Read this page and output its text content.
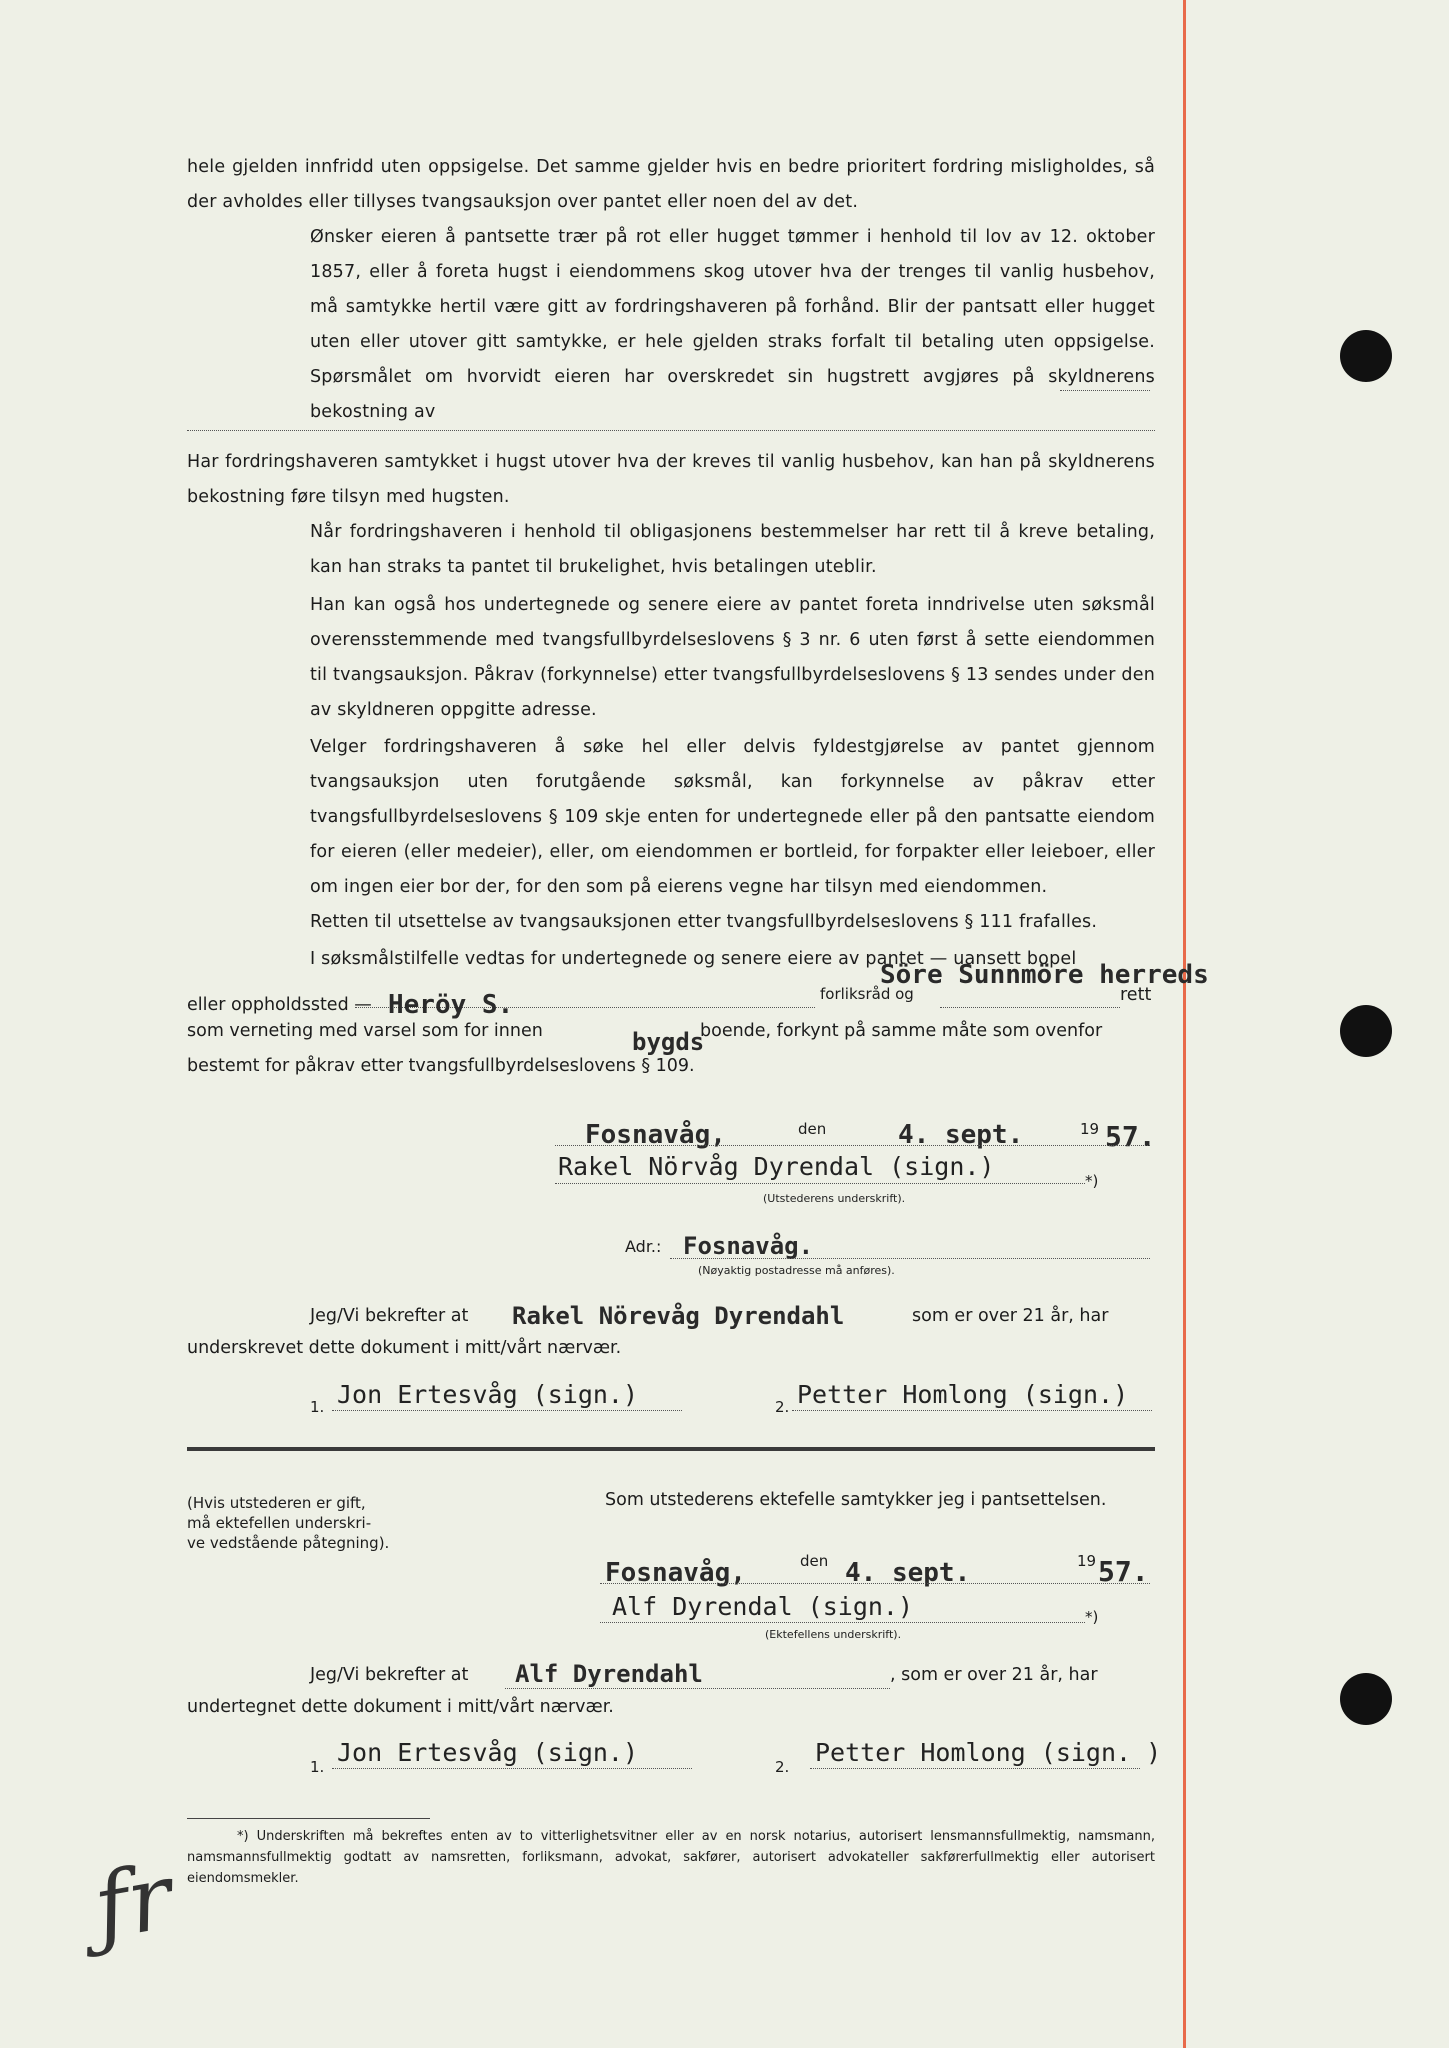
hele gjelden innfridd uten oppsigelse. Det samme gjelder hvis en bedre prioritert fordring misligholdes, så der avholdes eller tillyses tvangsauksjon over pantet eller noen del av det.
Ønsker eieren å pantsette trær på rot eller hugget tømmer i henhold til lov av 12. oktober 1857, eller å foreta hugst i eiendommens skog utover hva der trenges til vanlig husbehov, må samtykke hertil være gitt av fordringshaveren på forhånd. Blir der pantsatt eller hugget uten eller utover gitt samtykke, er hele gjelden straks forfalt til betaling uten oppsigelse. Spørsmålet om hvorvidt eieren har overskredet sin hugstrett avgjøres på skyldnerens bekostning av
Har fordringshaveren samtykket i hugst utover hva der kreves til vanlig husbehov, kan han på skyldnerens bekostning føre tilsyn med hugsten.
Når fordringshaveren i henhold til obligasjonens bestemmelser har rett til å kreve betaling, kan han straks ta pantet til brukelighet, hvis betalingen uteblir.
Han kan også hos undertegnede og senere eiere av pantet foreta inndrivelse uten søksmål overensstemmende med tvangsfullbyrdelseslovens § 3 nr. 6 uten først å sette eiendommen til tvangsauksjon. Påkrav (forkynnelse) etter tvangsfullbyrdelseslovens § 13 sendes under den av skyldneren oppgitte adresse.
Velger fordringshaveren å søke hel eller delvis fyldestgjørelse av pantet gjennom tvangsauksjon uten forutgående søksmål, kan forkynnelse av påkrav etter tvangsfullbyrdelseslovens § 109 skje enten for undertegnede eller på den pantsatte eiendom for eieren (eller medeier), eller, om eiendommen er bortleid, for forpakter eller leieboer, eller om ingen eier bor der, for den som på eierens vegne har tilsyn med eiendommen.
Retten til utsettelse av tvangsauksjonen etter tvangsfullbyrdelseslovens § 111 frafalles.
I søksmålstilfelle vedtas for undertegnede og senere eiere av pantet — uansett bopel
eller oppholdssted — Heröy S.	forliksråd og
Söre Sunnmöre herreds
rett
som verneting med varsel som for innen	bygds
boende, forkynt på samme måte som ovenfor
bestemt for påkrav etter tvangsfullbyrdelseslovens § 109.
Fosnavåg,	den	4. sept.	19 57.
Rakel Nörvåg Dyrendal (sign.)	*)
(Utstederens underskrift).
Adr.: Fosnavåg.
(Nøyaktig postadresse må anføres).
Jeg/Vi bekrefter at Rakel Nörevåg Dyrendahl	som er over 21 år, har
underskrevet dette dokument i mitt/vårt nærvær.
1. Jon Ertesvåg (sign.)	2. Petter Homlong (sign.)
(Hvis utstederen er gift,
må ektefellen underskri-
ve vedstående påtegning).
Som utstederens ektefelle samtykker jeg i pantsettelsen.
Fosnavåg,	den 4. sept.	19 57.
Alf Dyrendal (sign.)	*)
(Ektefellens underskrift).
Jeg/Vi bekrefter at Alf Dyrendahl	, som er over 21 år, har
undertegnet dette dokument i mitt/vårt nærvær.
1. Jon Ertesvåg (sign.)	2. Petter Homlong (sign. )
*) Underskriften må bekreftes enten av to vitterlighetsvitner eller av en norsk notarius, autorisert lensmannsfullmektig, namsmann, namsmannsfullmektig godtatt av namsretten, forliksmann, advokat, sakfører, autorisert advokateller sakførerfullmektig eller autorisert eiendomsmekler.
ƒr
